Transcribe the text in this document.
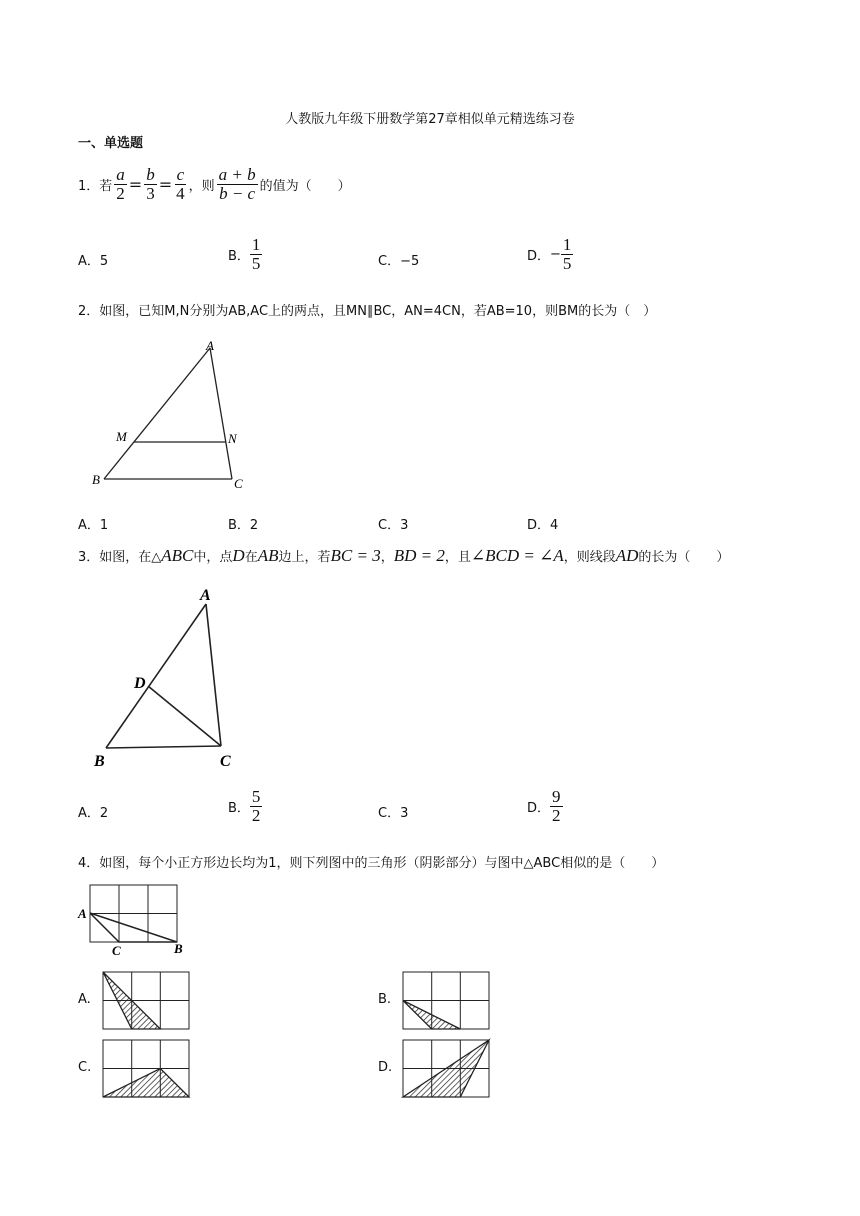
人教版九年级下册数学第27章相似单元精选练习卷
一、单选题
1．若 $\frac{a}{2} = \frac{b}{3} = \frac{c}{4}$ ，则 $\frac{a + b}{b - c}$ 的值为（　　）
A．5	B． $\frac{1}{5}$	C．−5	D． − $\frac{1}{5}$
2．如图，已知M,N分别为AB,AC上的两点，且MN∥BC，AN=4CN，若AB=10，则BM的长为（　）
A
M	N
B	C
A．1	B．2	C．3	D．4
3．如图，在△ ABC 中，点 D 在 AB 边上，若 BC = 3 ， BD = 2 ，且 ∠BCD = ∠A ，则线段 AD 的长为（　　）
A
D
B	C
A．2	B． $\frac{5}{2}$	C．3	D． $\frac{9}{2}$
4．如图，每个小正方形边长均为1，则下列图中的三角形（阴影部分）与图中△ABC相似的是（　　）
A
C	B
A.	B.
C.	D.
